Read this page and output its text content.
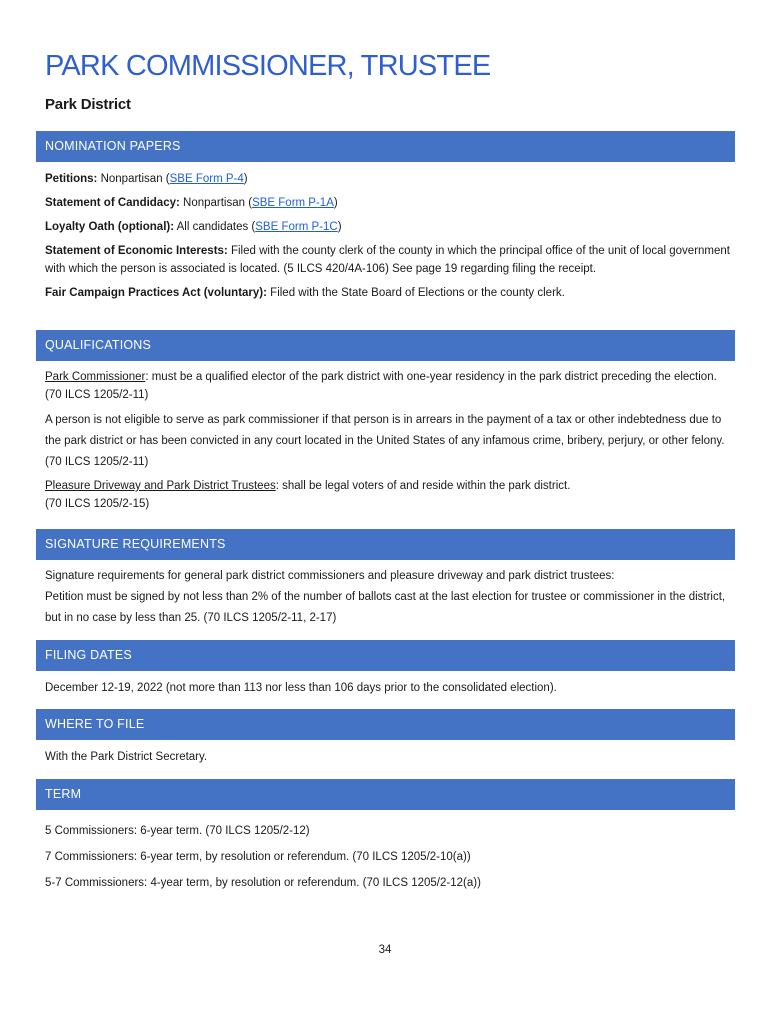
PARK COMMISSIONER, TRUSTEE
Park District
NOMINATION PAPERS

Petitions: Nonpartisan (SBE Form P-4)

Statement of Candidacy: Nonpartisan (SBE Form P-1A)

Loyalty Oath (optional): All candidates (SBE Form P-1C)

Statement of Economic Interests: Filed with the county clerk of the county in which the principal office of the unit of local government with which the person is associated is located. (5 ILCS 420/4A-106) See page 19 regarding filing the receipt.

Fair Campaign Practices Act (voluntary): Filed with the State Board of Elections or the county clerk.

QUALIFICATIONS

Park Commissioner: must be a qualified elector of the park district with one-year residency in the park district preceding the election. (70 ILCS 1205/2-11)

A person is not eligible to serve as park commissioner if that person is in arrears in the payment of a tax or other indebtedness due to the park district or has been convicted in any court located in the United States of any infamous crime, bribery, perjury, or other felony. (70 ILCS 1205/2-11)

Pleasure Driveway and Park District Trustees: shall be legal voters of and reside within the park district.
(70 ILCS 1205/2-15)

SIGNATURE REQUIREMENTS

Signature requirements for general park district commissioners and pleasure driveway and park district trustees:

Petition must be signed by not less than 2% of the number of ballots cast at the last election for trustee or commissioner in the district, but in no case by less than 25. (70 ILCS 1205/2-11, 2-17)

FILING DATES

December 12-19, 2022 (not more than 113 nor less than 106 days prior to the consolidated election).

WHERE TO FILE

With the Park District Secretary.

TERM

5 Commissioners: 6-year term. (70 ILCS 1205/2-12)

7 Commissioners: 6-year term, by resolution or referendum. (70 ILCS 1205/2-10(a))

5-7 Commissioners: 4-year term, by resolution or referendum. (70 ILCS 1205/2-12(a))

34
